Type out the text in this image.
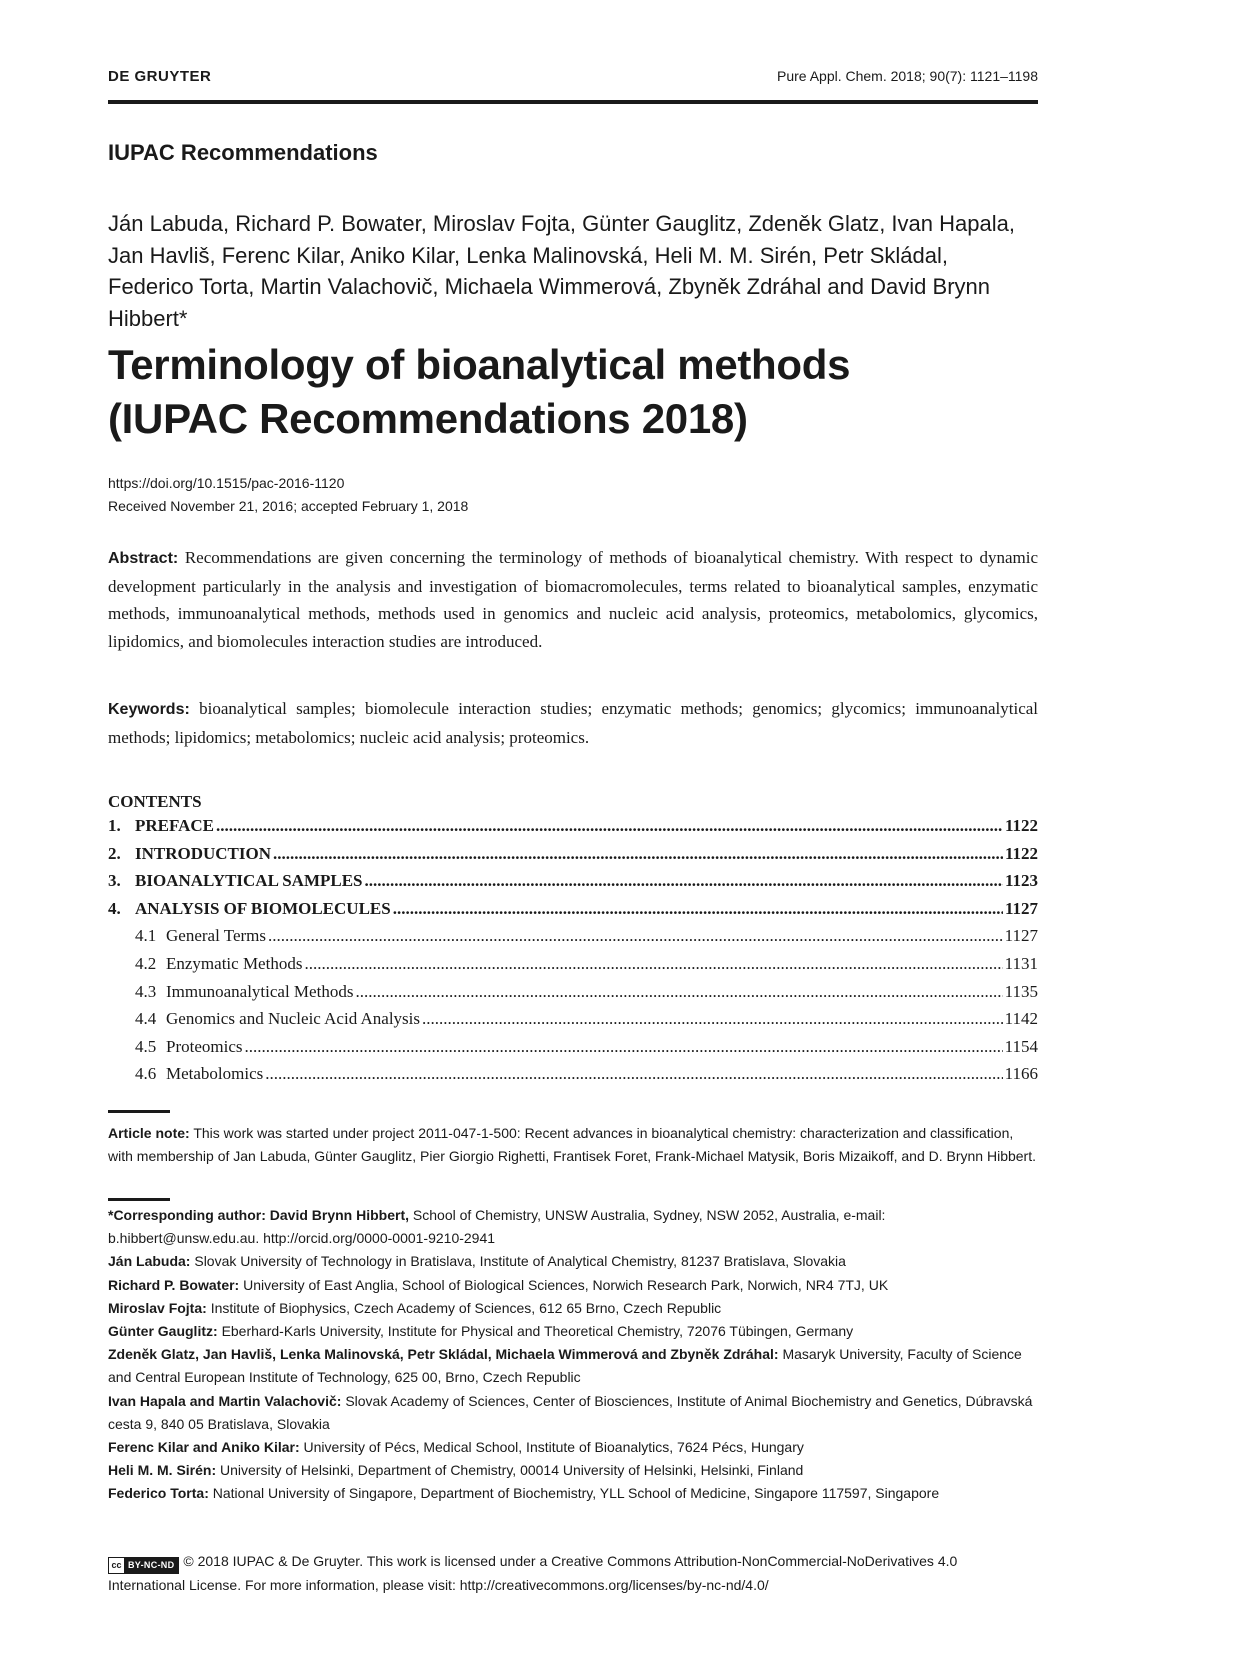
DE GRUYTER	Pure Appl. Chem. 2018; 90(7): 1121–1198
IUPAC Recommendations
Ján Labuda, Richard P. Bowater, Miroslav Fojta, Günter Gauglitz, Zdeněk Glatz, Ivan Hapala, Jan Havliš, Ferenc Kilar, Aniko Kilar, Lenka Malinovská, Heli M. M. Sirén, Petr Skládal, Federico Torta, Martin Valachovič, Michaela Wimmerová, Zbyněk Zdráhal and David Brynn Hibbert*
Terminology of bioanalytical methods
(IUPAC Recommendations 2018)
https://doi.org/10.1515/pac-2016-1120
Received November 21, 2016; accepted February 1, 2018
Abstract: Recommendations are given concerning the terminology of methods of bioanalytical chemistry. With respect to dynamic development particularly in the analysis and investigation of biomacromolecules, terms related to bioanalytical samples, enzymatic methods, immunoanalytical methods, methods used in genomics and nucleic acid analysis, proteomics, metabolomics, glycomics, lipidomics, and biomolecules interaction studies are introduced.
Keywords: bioanalytical samples; biomolecule interaction studies; enzymatic methods; genomics; glycomics; immunoanalytical methods; lipidomics; metabolomics; nucleic acid analysis; proteomics.
CONTENTS
1. PREFACE .....	1122
2. INTRODUCTION .....	1122
3. BIOANALYTICAL SAMPLES .....	1123
4. ANALYSIS OF BIOMOLECULES .....	1127
4.1 General Terms .....	1127
4.2 Enzymatic Methods .....	1131
4.3 Immunoanalytical Methods .....	1135
4.4 Genomics and Nucleic Acid Analysis .....	1142
4.5 Proteomics .....	1154
4.6 Metabolomics .....	1166
Article note: This work was started under project 2011-047-1-500: Recent advances in bioanalytical chemistry: characterization and classification, with membership of Jan Labuda, Günter Gauglitz, Pier Giorgio Righetti, Frantisek Foret, Frank-Michael Matysik, Boris Mizaikoff, and D. Brynn Hibbert.

*Corresponding author: David Brynn Hibbert, School of Chemistry, UNSW Australia, Sydney, NSW 2052, Australia, e-mail: b.hibbert@unsw.edu.au. http://orcid.org/0000-0001-9210-2941

Ján Labuda: Slovak University of Technology in Bratislava, Institute of Analytical Chemistry, 81237 Bratislava, Slovakia

Richard P. Bowater: University of East Anglia, School of Biological Sciences, Norwich Research Park, Norwich, NR4 7TJ, UK

Miroslav Fojta: Institute of Biophysics, Czech Academy of Sciences, 612 65 Brno, Czech Republic

Günter Gauglitz: Eberhard-Karls University, Institute for Physical and Theoretical Chemistry, 72076 Tübingen, Germany

Zdeněk Glatz, Jan Havliš, Lenka Malinovská, Petr Skládal, Michaela Wimmerová and Zbyněk Zdráhal: Masaryk University, Faculty of Science and Central European Institute of Technology, 625 00, Brno, Czech Republic

Ivan Hapala and Martin Valachovič: Slovak Academy of Sciences, Center of Biosciences, Institute of Animal Biochemistry and Genetics, Dúbravská cesta 9, 840 05 Bratislava, Slovakia

Ferenc Kilar and Aniko Kilar: University of Pécs, Medical School, Institute of Bioanalytics, 7624 Pécs, Hungary

Heli M. M. Sirén: University of Helsinki, Department of Chemistry, 00014 University of Helsinki, Helsinki, Finland

Federico Torta: National University of Singapore, Department of Biochemistry, YLL School of Medicine, Singapore 117597, Singapore

cc BY-NC-ND © 2018 IUPAC & De Gruyter. This work is licensed under a Creative Commons Attribution-NonCommercial-NoDerivatives 4.0 International License. For more information, please visit: http://creativecommons.org/licenses/by-nc-nd/4.0/
